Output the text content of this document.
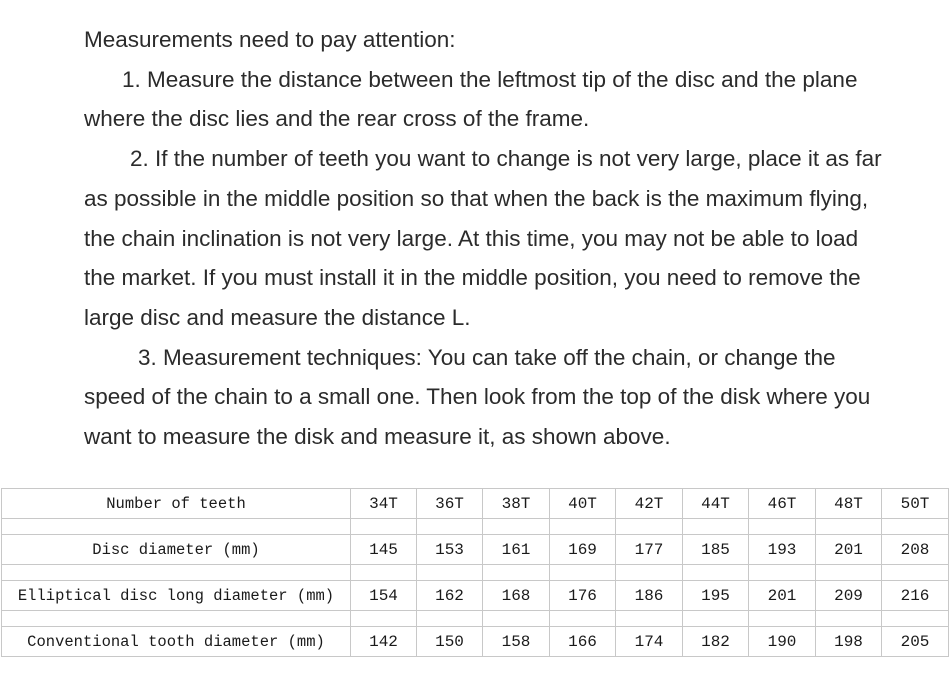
Measurements need to pay attention:

1. Measure the distance between the leftmost tip of the disc and the plane where the disc lies and the rear cross of the frame.

2. If the number of teeth you want to change is not very large, place it as far as possible in the middle position so that when the back is the maximum flying, the chain inclination is not very large. At this time, you may not be able to load the market. If you must install it in the middle position, you need to remove the large disc and measure the distance L.

3. Measurement techniques: You can take off the chain, or change the speed of the chain to a small one. Then look from the top of the disk where you want to measure the disk and measure it, as shown above.

Number of teeth	34T	36T	38T	40T	42T	44T	46T	48T	50T

Disc diameter (mm)	145	153	161	169	177	185	193	201	208

Elliptical disc long diameter (mm)	154	162	168	176	186	195	201	209	216

Conventional tooth diameter (mm)	142	150	158	166	174	182	190	198	205
